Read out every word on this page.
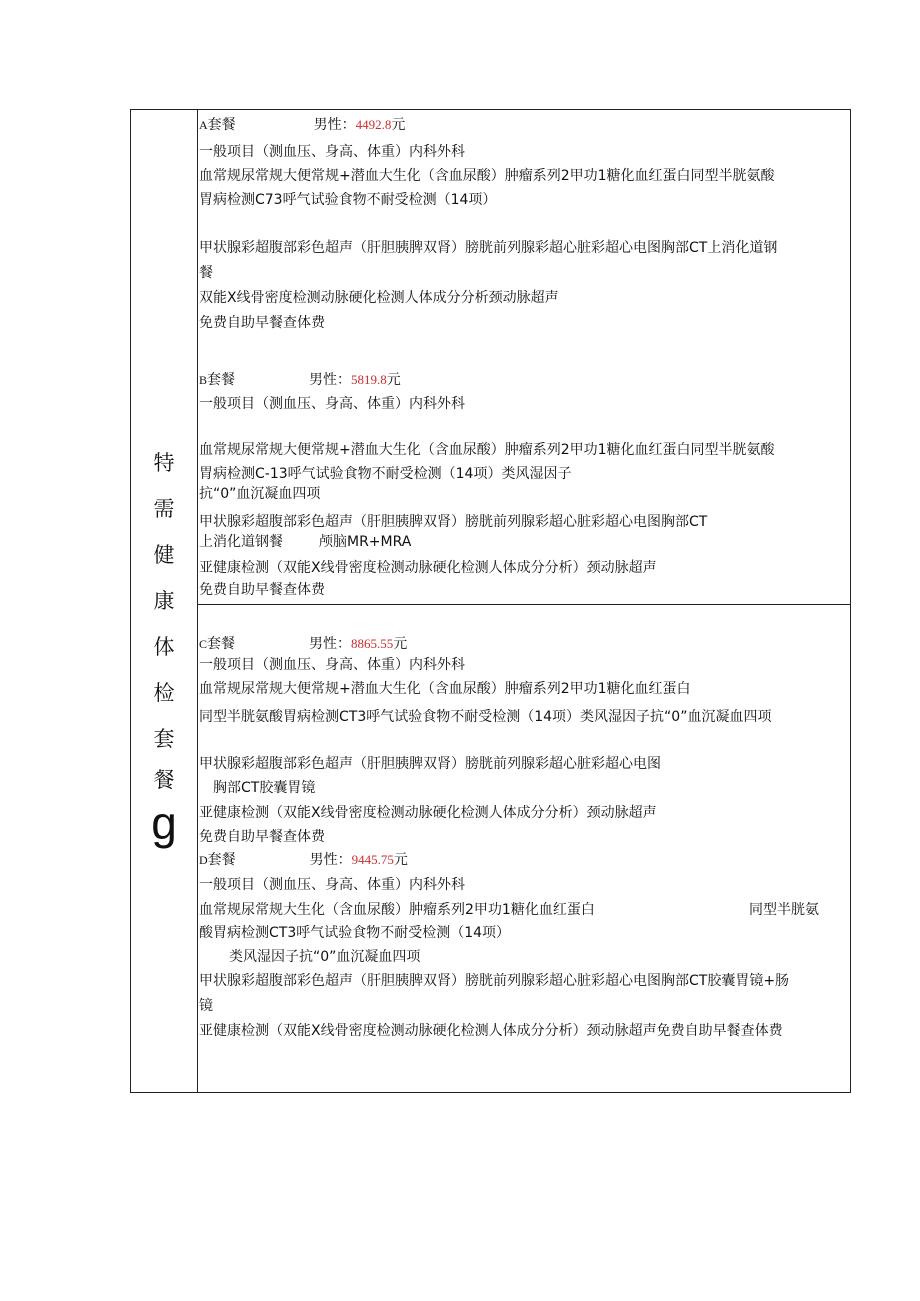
特
需
健
康
体
检
套
餐
g
A套餐	男性：4492.8元
一般项目（测血压、身高、体重）内科外科
血常规尿常规大便常规+潜血大生化（含血尿酸）肿瘤系列2甲功1糖化血红蛋白同型半胱氨酸
胃病检测C73呼气试验食物不耐受检测（14项）
甲状腺彩超腹部彩色超声（肝胆胰脾双肾）膀胱前列腺彩超心脏彩超心电图胸部CT上消化道钢
餐
双能X线骨密度检测动脉硬化检测人体成分分析颈动脉超声
免费自助早餐查体费
B套餐	男性：5819.8元
一般项目（测血压、身高、体重）内科外科
血常规尿常规大便常规+潜血大生化（含血尿酸）肿瘤系列2甲功1糖化血红蛋白同型半胱氨酸
胃病检测C-13呼气试验食物不耐受检测（14项）类风湿因子
抗“0”血沉凝血四项
甲状腺彩超腹部彩色超声（肝胆胰脾双肾）膀胱前列腺彩超心脏彩超心电图胸部CT
上消化道钢餐	颅脑MR+MRA
亚健康检测（双能X线骨密度检测动脉硬化检测人体成分分析）颈动脉超声
免费自助早餐查体费
C套餐	男性：8865.55元
一般项目（测血压、身高、体重）内科外科
血常规尿常规大便常规+潜血大生化（含血尿酸）肿瘤系列2甲功1糖化血红蛋白
同型半胱氨酸胃病检测CT3呼气试验食物不耐受检测（14项）类风湿因子抗“0”血沉凝血四项
甲状腺彩超腹部彩色超声（肝胆胰脾双肾）膀胱前列腺彩超心脏彩超心电图
胸部CT胶囊胃镜
亚健康检测（双能X线骨密度检测动脉硬化检测人体成分分析）颈动脉超声
免费自助早餐查体费
D套餐	男性：9445.75元
一般项目（测血压、身高、体重）内科外科
血常规尿常规大生化（含血尿酸）肿瘤系列2甲功1糖化血红蛋白	同型半胱氨
酸胃病检测CT3呼气试验食物不耐受检测（14项）
类风湿因子抗“0”血沉凝血四项
甲状腺彩超腹部彩色超声（肝胆胰脾双肾）膀胱前列腺彩超心脏彩超心电图胸部CT胶囊胃镜+肠
镜
亚健康检测（双能X线骨密度检测动脉硬化检测人体成分分析）颈动脉超声免费自助早餐查体费
